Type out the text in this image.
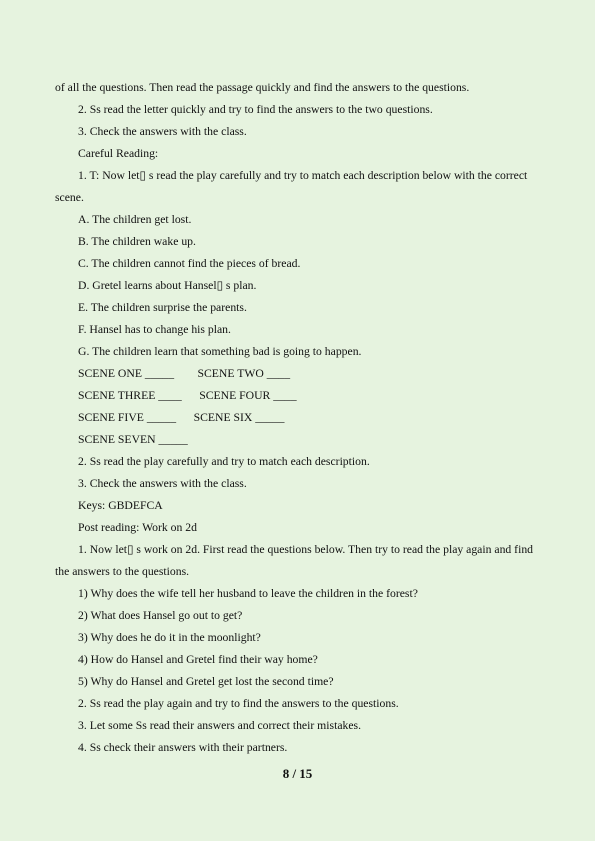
of all the questions. Then read the passage quickly and find the answers to the questions.
2. Ss read the letter quickly and try to find the answers to the two questions.
3. Check the answers with the class.
Careful Reading:
1. T: Now let▯ s read the play carefully and try to match each description below with the correct
scene.
A. The children get lost.
B. The children wake up.
C. The children cannot find the pieces of bread.
D. Gretel learns about Hansel▯ s plan.
E. The children surprise the parents.
F. Hansel has to change his plan.
G. The children learn that something bad is going to happen.
SCENE ONE _____        SCENE TWO ____
SCENE THREE ____      SCENE FOUR ____
SCENE FIVE _____      SCENE SIX _____
SCENE SEVEN _____
2. Ss read the play carefully and try to match each description.
3. Check the answers with the class.
Keys: GBDEFCA
Post reading: Work on 2d
1. Now let▯ s work on 2d. First read the questions below. Then try to read the play again and find
the answers to the questions.
1) Why does the wife tell her husband to leave the children in the forest?
2) What does Hansel go out to get?
3) Why does he do it in the moonlight?
4) How do Hansel and Gretel find their way home?
5) Why do Hansel and Gretel get lost the second time?
2. Ss read the play again and try to find the answers to the questions.
3. Let some Ss read their answers and correct their mistakes.
4. Ss check their answers with their partners.
8 / 15
